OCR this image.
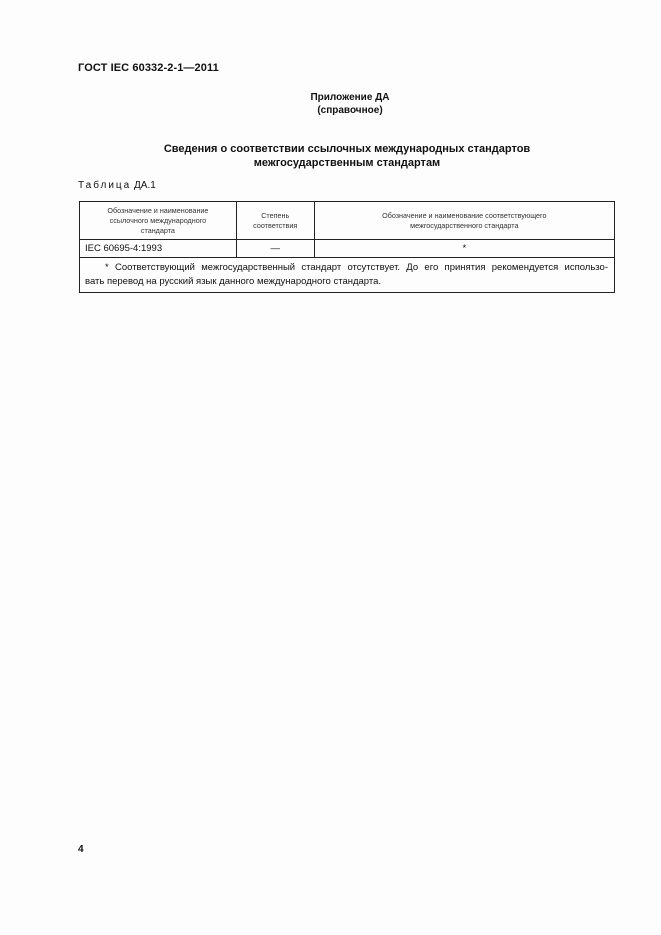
ГОСТ IEC 60332-2-1—2011
Приложение ДА
(справочное)
Сведения о соответствии ссылочных международных стандартов
межгосударственным стандартам
Таблица ДА.1
Обозначение и наименование ссылочного международного стандарта	Степень соответствия	Обозначение и наименование соответствующего межгосударственного стандарта
IEC 60695-4:1993	—	*

* Соответствующий межгосударственный стандарт отсутствует. До его принятия рекомендуется использо-
вать перевод на русский язык данного международного стандарта.		
4
